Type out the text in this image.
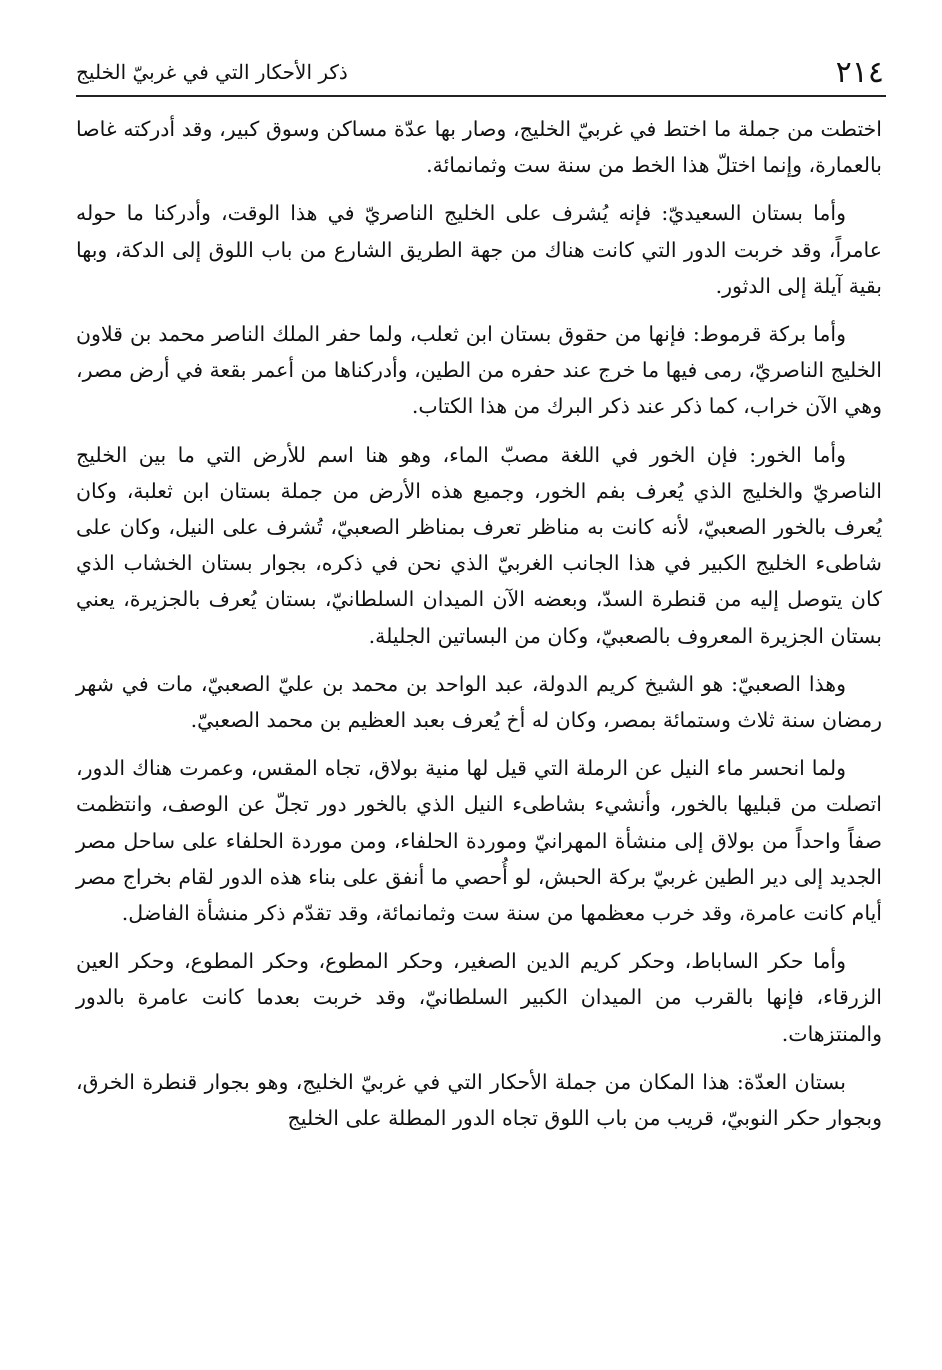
٢١٤
ذكر الأحكار التي في غربيّ الخليج

اختطت من جملة ما اختط في غربيّ الخليج، وصار بها عدّة مساكن وسوق كبير، وقد أدركته غاصا بالعمارة، وإنما اختلّ هذا الخط من سنة ست وثمانمائة.

وأما بستان السعيديّ: فإنه يُشرف على الخليج الناصريّ في هذا الوقت، وأدركنا ما حوله عامراً، وقد خربت الدور التي كانت هناك من جهة الطريق الشارع من باب اللوق إلى الدكة، وبها بقية آيلة إلى الدثور.

وأما بركة قرموط: فإنها من حقوق بستان ابن ثعلب، ولما حفر الملك الناصر محمد بن قلاون الخليج الناصريّ، رمى فيها ما خرج عند حفره من الطين، وأدركناها من أعمر بقعة في أرض مصر، وهي الآن خراب، كما ذكر عند ذكر البرك من هذا الكتاب.

وأما الخور: فإن الخور في اللغة مصبّ الماء، وهو هنا اسم للأرض التي ما بين الخليج الناصريّ والخليج الذي يُعرف بفم الخور، وجميع هذه الأرض من جملة بستان ابن ثعلبة، وكان يُعرف بالخور الصعبيّ، لأنه كانت به مناظر تعرف بمناظر الصعبيّ، تُشرف على النيل، وكان على شاطىء الخليج الكبير في هذا الجانب الغربيّ الذي نحن في ذكره، بجوار بستان الخشاب الذي كان يتوصل إليه من قنطرة السدّ، وبعضه الآن الميدان السلطانيّ، بستان يُعرف بالجزيرة، يعني بستان الجزيرة المعروف بالصعبيّ، وكان من البساتين الجليلة.

وهذا الصعبيّ: هو الشيخ كريم الدولة، عبد الواحد بن محمد بن عليّ الصعبيّ، مات في شهر رمضان سنة ثلاث وستمائة بمصر، وكان له أخ يُعرف بعبد العظيم بن محمد الصعبيّ.

ولما انحسر ماء النيل عن الرملة التي قيل لها منية بولاق، تجاه المقس، وعمرت هناك الدور، اتصلت من قبليها بالخور، وأنشيء بشاطىء النيل الذي بالخور دور تجلّ عن الوصف، وانتظمت صفاً واحداً من بولاق إلى منشأة المهرانيّ وموردة الحلفاء، ومن موردة الحلفاء على ساحل مصر الجديد إلى دير الطين غربيّ بركة الحبش، لو أُحصي ما أنفق على بناء هذه الدور لقام بخراج مصر أيام كانت عامرة، وقد خرب معظمها من سنة ست وثمانمائة، وقد تقدّم ذكر منشأة الفاضل.

وأما حكر الساباط، وحكر كريم الدين الصغير، وحكر المطوع، وحكر المطوع، وحكر العين الزرقاء، فإنها بالقرب من الميدان الكبير السلطانيّ، وقد خربت بعدما كانت عامرة بالدور والمنتزهات.

بستان العدّة: هذا المكان من جملة الأحكار التي في غربيّ الخليج، وهو بجوار قنطرة الخرق، وبجوار حكر النوبيّ، قريب من باب اللوق تجاه الدور المطلة على الخليج
